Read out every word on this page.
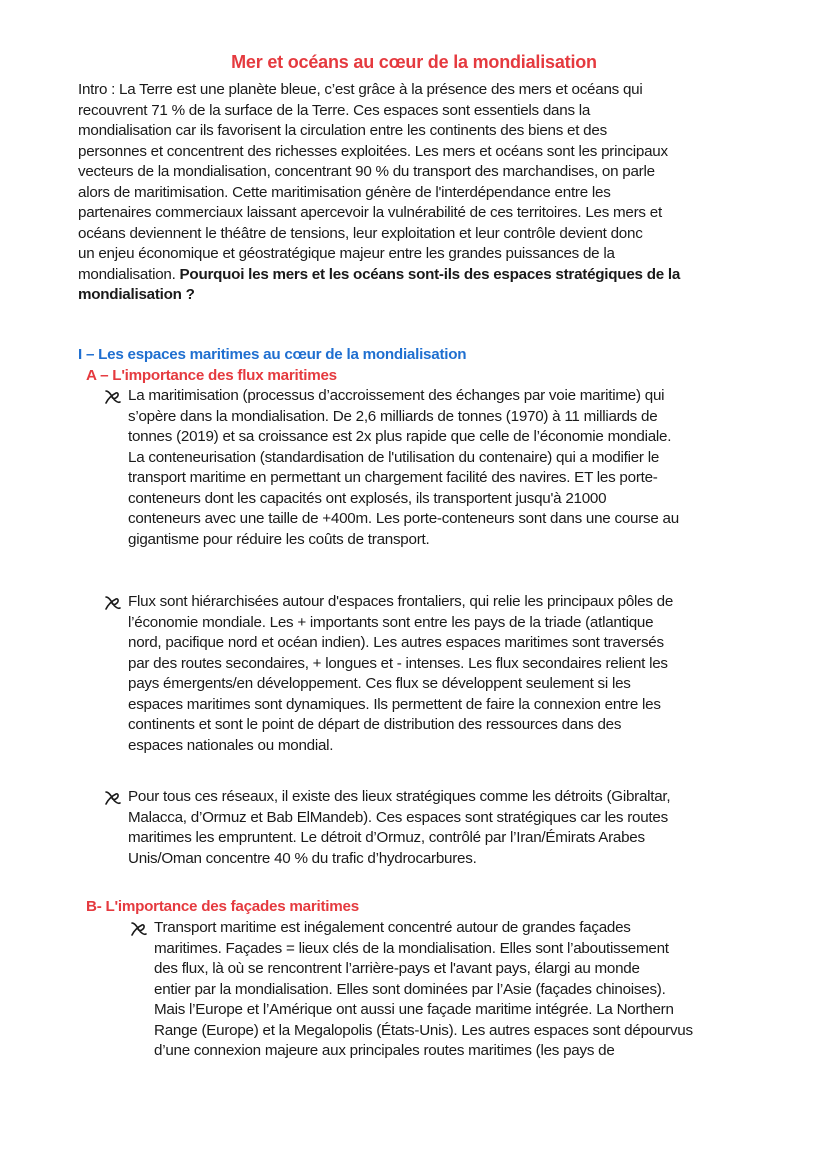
Mer et océans au cœur de la mondialisation
Intro : La Terre est une planète bleue, c’est grâce à la présence des mers et océans qui
recouvrent 71 % de la surface de la Terre. Ces espaces sont essentiels dans la
mondialisation car ils favorisent la circulation entre les continents des biens et des
personnes et concentrent des richesses exploitées. Les mers et océans sont les principaux
vecteurs de la mondialisation, concentrant 90 % du transport des marchandises, on parle
alors de maritimisation. Cette maritimisation génère de l'interdépendance entre les
partenaires commerciaux laissant apercevoir la vulnérabilité de ces territoires. Les mers et
océans deviennent le théâtre de tensions, leur exploitation et leur contrôle devient donc
un enjeu économique et géostratégique majeur entre les grandes puissances de la
mondialisation. Pourquoi les mers et les océans sont-ils des espaces stratégiques de la
mondialisation ?
I – Les espaces maritimes au cœur de la mondialisation
A – L'importance des flux maritimes
La maritimisation (processus d’accroissement des échanges par voie maritime) qui
s’opère dans la mondialisation. De 2,6 milliards de tonnes (1970) à 11 milliards de
tonnes (2019) et sa croissance est 2x plus rapide que celle de l’économie mondiale.
La conteneurisation (standardisation de l'utilisation du contenaire) qui a modifier le
transport maritime en permettant un chargement facilité des navires. ET les porte-
conteneurs dont les capacités ont explosés, ils transportent jusqu'à 21000
conteneurs avec une taille de +400m. Les porte-conteneurs sont dans une course au
gigantisme pour réduire les coûts de transport.
Flux sont hiérarchisées autour d'espaces frontaliers, qui relie les principaux pôles de
l’économie mondiale. Les + importants sont entre les pays de la triade (atlantique
nord, pacifique nord et océan indien). Les autres espaces maritimes sont traversés
par des routes secondaires, + longues et - intenses. Les flux secondaires relient les
pays émergents/en développement. Ces flux se développent seulement si les
espaces maritimes sont dynamiques. Ils permettent de faire la connexion entre les
continents et sont le point de départ de distribution des ressources dans des
espaces nationales ou mondial.
Pour tous ces réseaux, il existe des lieux stratégiques comme les détroits (Gibraltar,
Malacca, d’Ormuz et Bab ElMandeb). Ces espaces sont stratégiques car les routes
maritimes les empruntent. Le détroit d’Ormuz, contrôlé par l’Iran/Émirats Arabes
Unis/Oman concentre 40 % du trafic d’hydrocarbures.
B- L'importance des façades maritimes
Transport maritime est inégalement concentré autour de grandes façades
maritimes. Façades = lieux clés de la mondialisation. Elles sont l’aboutissement
des flux, là où se rencontrent l’arrière-pays et l'avant pays, élargi au monde
entier par la mondialisation. Elles sont dominées par l’Asie (façades chinoises).
Mais l’Europe et l’Amérique ont aussi une façade maritime intégrée. La Northern
Range (Europe) et la Megalopolis (États-Unis). Les autres espaces sont dépourvus
d’une connexion majeure aux principales routes maritimes (les pays de
